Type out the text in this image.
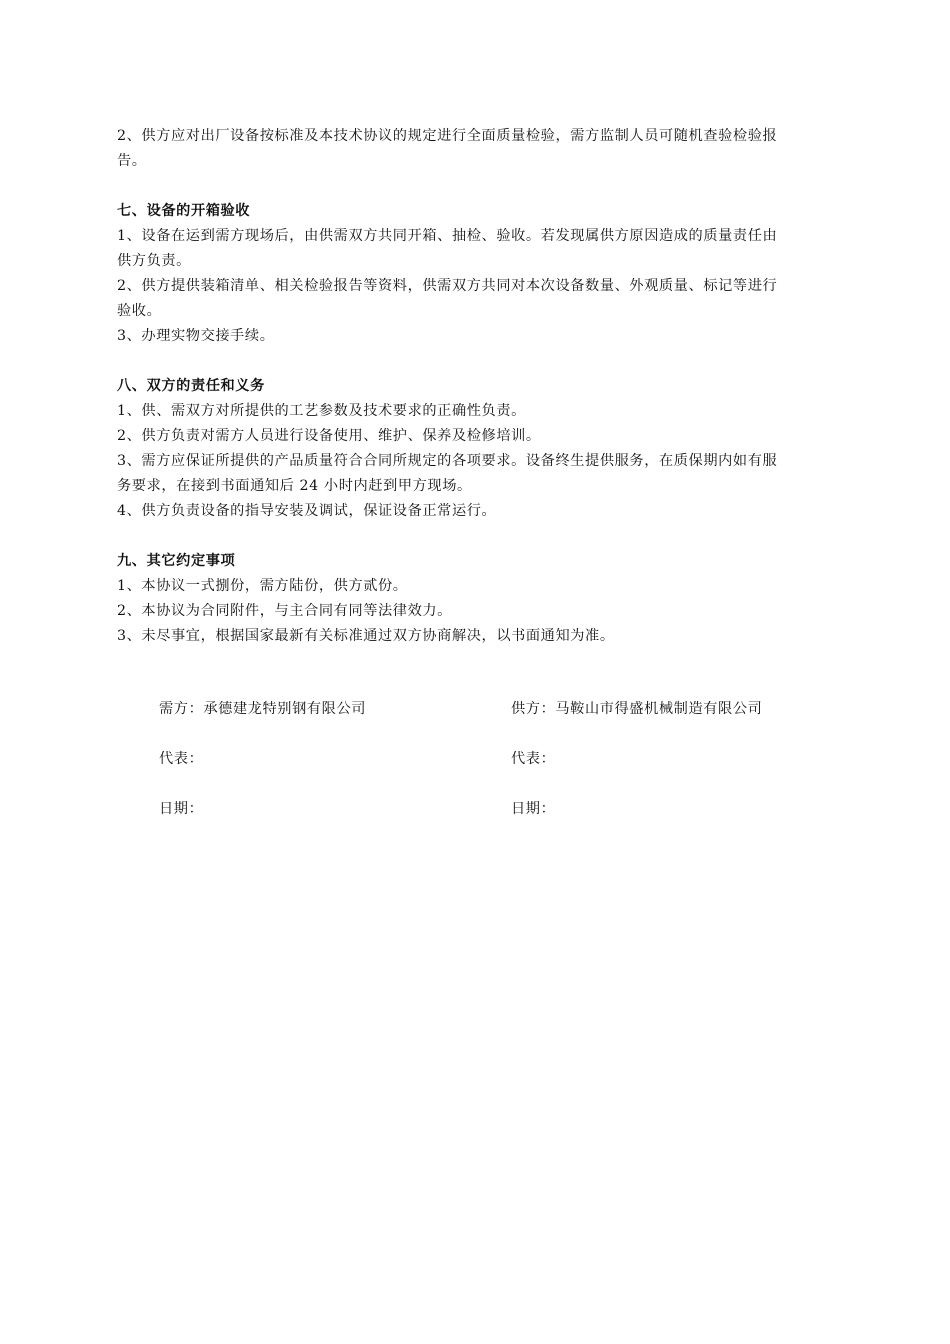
2、供方应对出厂设备按标准及本技术协议的规定进行全面质量检验，需方监制人员可随机查验检验报

告。

七、设备的开箱验收

1、设备在运到需方现场后，由供需双方共同开箱、抽检、验收。若发现属供方原因造成的质量责任由

供方负责。

2、供方提供装箱清单、相关检验报告等资料，供需双方共同对本次设备数量、外观质量、标记等进行

验收。

3、办理实物交接手续。

八、双方的责任和义务

1、供、需双方对所提供的工艺参数及技术要求的正确性负责。

2、供方负责对需方人员进行设备使用、维护、保养及检修培训。

3、需方应保证所提供的产品质量符合合同所规定的各项要求。设备终生提供服务，在质保期内如有服

务要求，在接到书面通知后 24 小时内赶到甲方现场。

4、供方负责设备的指导安装及调试，保证设备正常运行。

九、其它约定事项

1、本协议一式捌份，需方陆份，供方贰份。

2、本协议为合同附件，与主合同有同等法律效力。

3、未尽事宜，根据国家最新有关标准通过双方协商解决，以书面通知为准。

需方：承德建龙特别钢有限公司	供方：马鞍山市得盛机械制造有限公司
代表：	代表：
日期：	日期：
